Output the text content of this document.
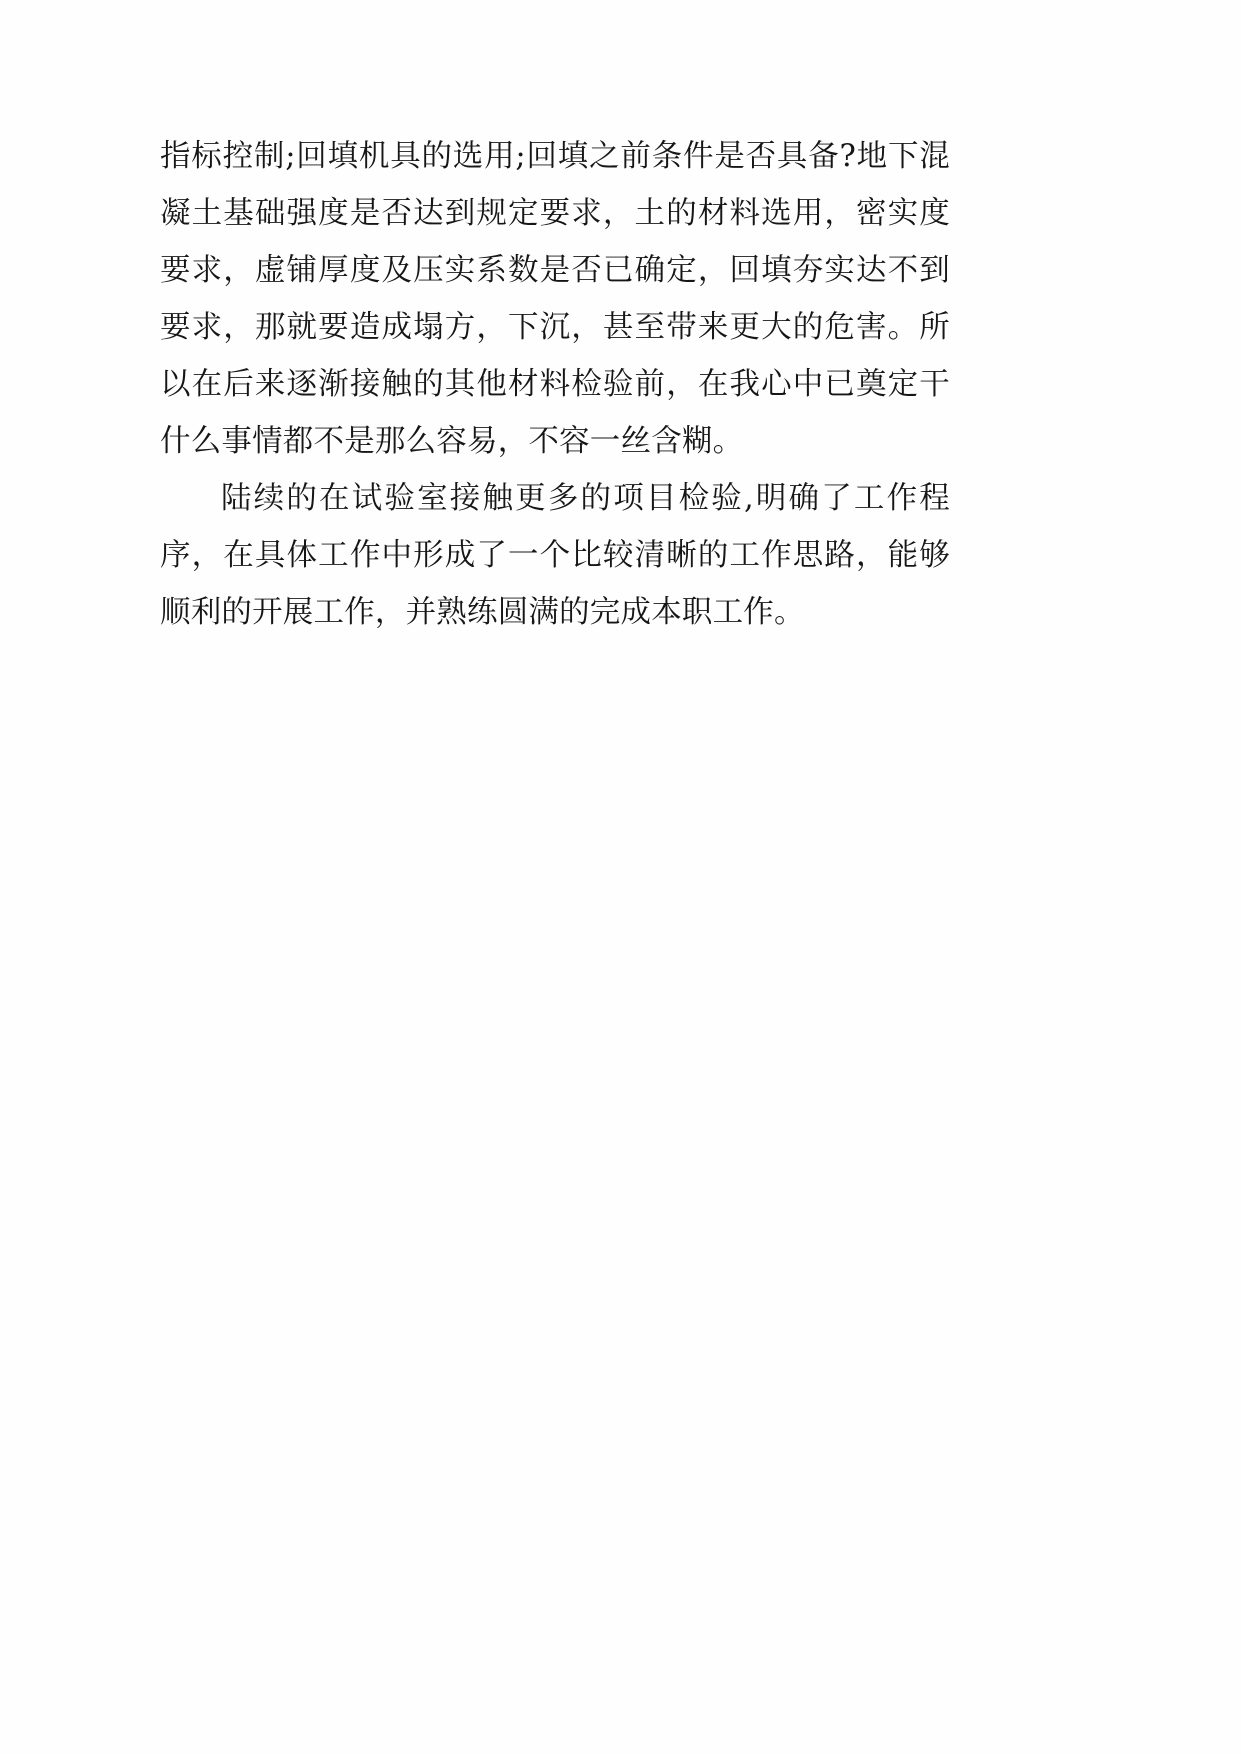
指标控制;回填机具的选用;回填之前条件是否具备?地下混凝土基础强度是否达到规定要求，土的材料选用，密实度要求，虚铺厚度及压实系数是否已确定，回填夯实达不到要求，那就要造成塌方，下沉，甚至带来更大的危害。所以在后来逐渐接触的其他材料检验前，在我心中已奠定干什么事情都不是那么容易，不容一丝含糊。

陆续的在试验室接触更多的项目检验,明确了工作程序，在具体工作中形成了一个比较清晰的工作思路，能够顺利的开展工作，并熟练圆满的完成本职工作。
